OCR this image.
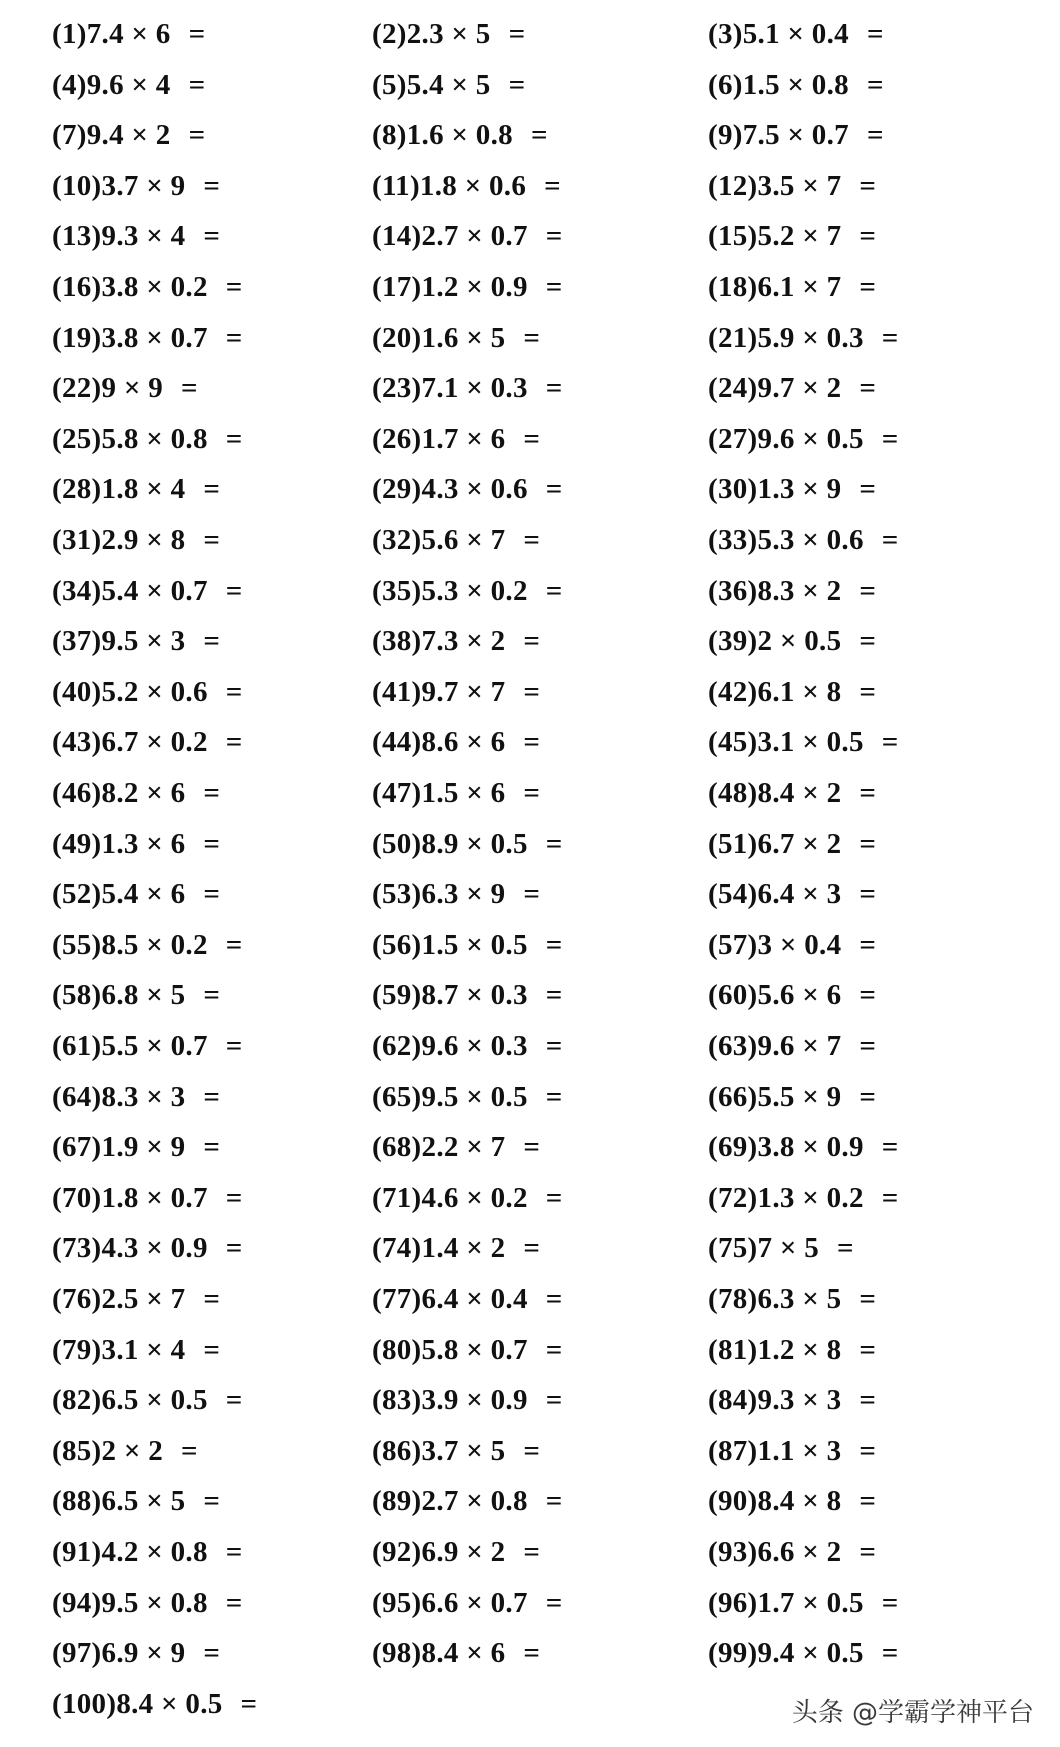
(1)7.4 × 6 =
(4)9.6 × 4 =
(7)9.4 × 2 =
(10)3.7 × 9 =
(13)9.3 × 4 =
(16)3.8 × 0.2 =
(19)3.8 × 0.7 =
(22)9 × 9 =
(25)5.8 × 0.8 =
(28)1.8 × 4 =
(31)2.9 × 8 =
(34)5.4 × 0.7 =
(37)9.5 × 3 =
(40)5.2 × 0.6 =
(43)6.7 × 0.2 =
(46)8.2 × 6 =
(49)1.3 × 6 =
(52)5.4 × 6 =
(55)8.5 × 0.2 =
(58)6.8 × 5 =
(61)5.5 × 0.7 =
(64)8.3 × 3 =
(67)1.9 × 9 =
(70)1.8 × 0.7 =
(73)4.3 × 0.9 =
(76)2.5 × 7 =
(79)3.1 × 4 =
(82)6.5 × 0.5 =
(85)2 × 2 =
(88)6.5 × 5 =
(91)4.2 × 0.8 =
(94)9.5 × 0.8 =
(97)6.9 × 9 =
(100)8.4 × 0.5 =
(2)2.3 × 5 =
(5)5.4 × 5 =
(8)1.6 × 0.8 =
(11)1.8 × 0.6 =
(14)2.7 × 0.7 =
(17)1.2 × 0.9 =
(20)1.6 × 5 =
(23)7.1 × 0.3 =
(26)1.7 × 6 =
(29)4.3 × 0.6 =
(32)5.6 × 7 =
(35)5.3 × 0.2 =
(38)7.3 × 2 =
(41)9.7 × 7 =
(44)8.6 × 6 =
(47)1.5 × 6 =
(50)8.9 × 0.5 =
(53)6.3 × 9 =
(56)1.5 × 0.5 =
(59)8.7 × 0.3 =
(62)9.6 × 0.3 =
(65)9.5 × 0.5 =
(68)2.2 × 7 =
(71)4.6 × 0.2 =
(74)1.4 × 2 =
(77)6.4 × 0.4 =
(80)5.8 × 0.7 =
(83)3.9 × 0.9 =
(86)3.7 × 5 =
(89)2.7 × 0.8 =
(92)6.9 × 2 =
(95)6.6 × 0.7 =
(98)8.4 × 6 =
(3)5.1 × 0.4 =
(6)1.5 × 0.8 =
(9)7.5 × 0.7 =
(12)3.5 × 7 =
(15)5.2 × 7 =
(18)6.1 × 7 =
(21)5.9 × 0.3 =
(24)9.7 × 2 =
(27)9.6 × 0.5 =
(30)1.3 × 9 =
(33)5.3 × 0.6 =
(36)8.3 × 2 =
(39)2 × 0.5 =
(42)6.1 × 8 =
(45)3.1 × 0.5 =
(48)8.4 × 2 =
(51)6.7 × 2 =
(54)6.4 × 3 =
(57)3 × 0.4 =
(60)5.6 × 6 =
(63)9.6 × 7 =
(66)5.5 × 9 =
(69)3.8 × 0.9 =
(72)1.3 × 0.2 =
(75)7 × 5 =
(78)6.3 × 5 =
(81)1.2 × 8 =
(84)9.3 × 3 =
(87)1.1 × 3 =
(90)8.4 × 8 =
(93)6.6 × 2 =
(96)1.7 × 0.5 =
(99)9.4 × 0.5 =
头条 @学霸学神平台
